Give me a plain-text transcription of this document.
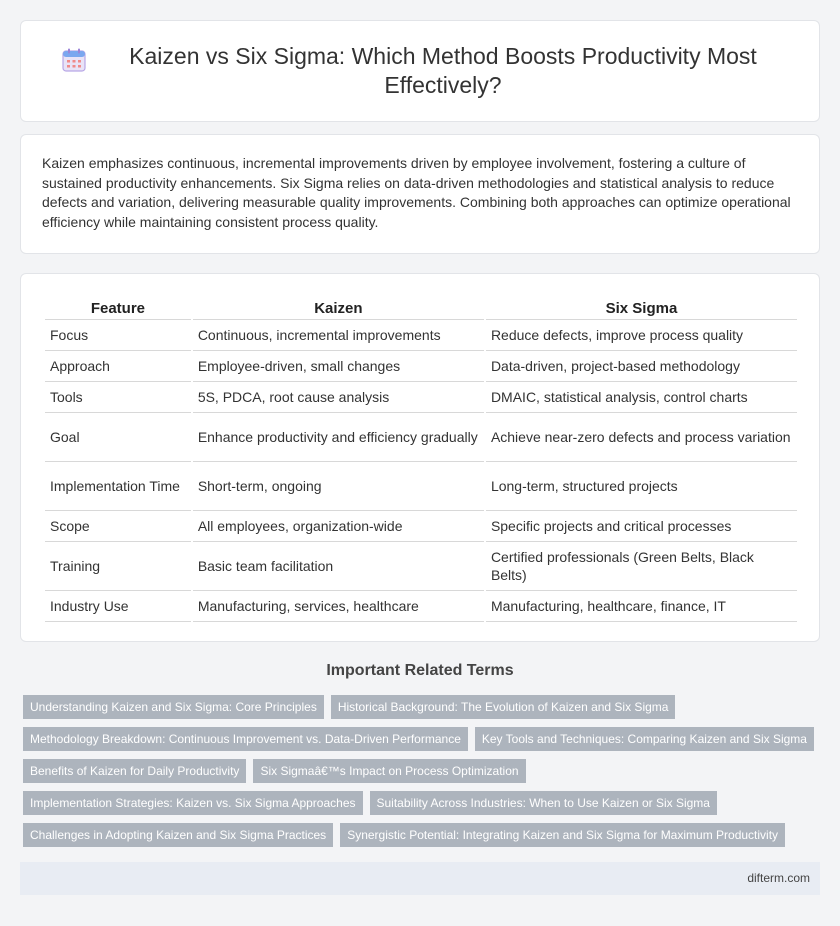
Kaizen vs Six Sigma: Which Method Boosts Productivity Most Effectively?

Kaizen emphasizes continuous, incremental improvements driven by employee involvement, fostering a culture of sustained productivity enhancements. Six Sigma relies on data-driven methodologies and statistical analysis to reduce defects and variation, delivering measurable quality improvements. Combining both approaches can optimize operational efficiency while maintaining consistent process quality.

Feature	Kaizen	Six Sigma
Focus	Continuous, incremental improvements	Reduce defects, improve process quality
Approach	Employee-driven, small changes	Data-driven, project-based methodology
Tools	5S, PDCA, root cause analysis	DMAIC, statistical analysis, control charts
Goal	Enhance productivity and efficiency gradually	Achieve near-zero defects and process variation
Implementation Time	Short-term, ongoing	Long-term, structured projects
Scope	All employees, organization-wide	Specific projects and critical processes
Training	Basic team facilitation	Certified professionals (Green Belts, Black Belts)
Industry Use	Manufacturing, services, healthcare	Manufacturing, healthcare, finance, IT
Important Related Terms
Understanding Kaizen and Six Sigma: Core Principles	Historical Background: The Evolution of Kaizen and Six Sigma
Methodology Breakdown: Continuous Improvement vs. Data-Driven Performance	Key Tools and Techniques: Comparing Kaizen and Six Sigma
Benefits of Kaizen for Daily Productivity	Six Sigmaâ€™s Impact on Process Optimization
Implementation Strategies: Kaizen vs. Six Sigma Approaches	Suitability Across Industries: When to Use Kaizen or Six Sigma
Challenges in Adopting Kaizen and Six Sigma Practices	Synergistic Potential: Integrating Kaizen and Six Sigma for Maximum Productivity
difterm.com
